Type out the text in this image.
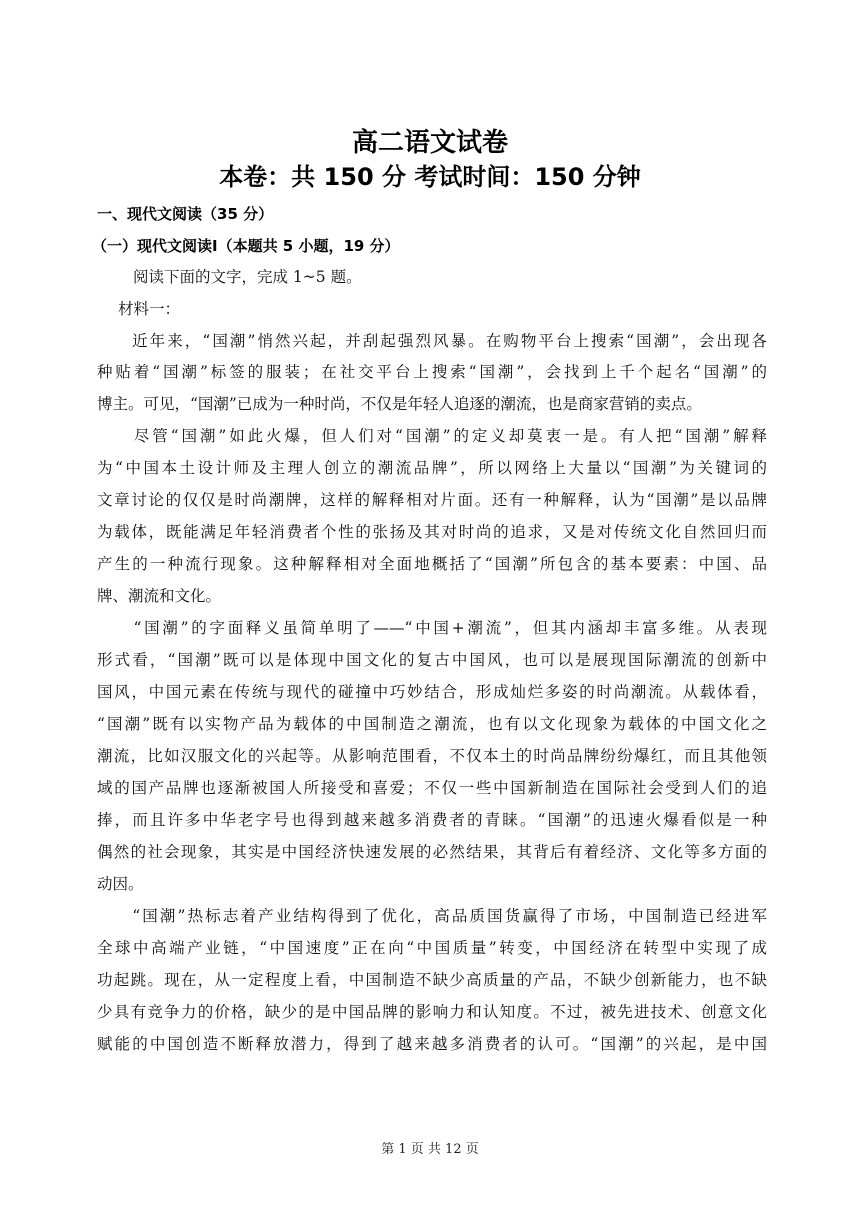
高二语文试卷
本卷：共 150 分 考试时间：150 分钟
一、现代文阅读（35 分）
（一）现代文阅读Ⅰ（本题共 5 小题，19 分）
阅读下面的文字，完成 1~5 题。
材料一：
　　近年来，“国潮”悄然兴起，并刮起强烈风暴。在购物平台上搜索“国潮”，会出现各
种贴着“国潮”标签的服装；在社交平台上搜索“国潮”，会找到上千个起名“国潮”的
博主。可见，“国潮”已成为一种时尚，不仅是年轻人追逐的潮流，也是商家营销的卖点。
　　尽管“国潮”如此火爆，但人们对“国潮”的定义却莫衷一是。有人把“国潮”解释
为“中国本土设计师及主理人创立的潮流品牌”，所以网络上大量以“国潮”为关键词的
文章讨论的仅仅是时尚潮牌，这样的解释相对片面。还有一种解释，认为“国潮”是以品牌
为载体，既能满足年轻消费者个性的张扬及其对时尚的追求，又是对传统文化自然回归而
产生的一种流行现象。这种解释相对全面地概括了“国潮”所包含的基本要素：中国、品
牌、潮流和文化。
　　“国潮”的字面释义虽简单明了——“中国+潮流”，但其内涵却丰富多维。从表现
形式看，“国潮”既可以是体现中国文化的复古中国风，也可以是展现国际潮流的创新中
国风，中国元素在传统与现代的碰撞中巧妙结合，形成灿烂多姿的时尚潮流。从载体看，
“国潮”既有以实物产品为载体的中国制造之潮流，也有以文化现象为载体的中国文化之
潮流，比如汉服文化的兴起等。从影响范围看，不仅本土的时尚品牌纷纷爆红，而且其他领
域的国产品牌也逐渐被国人所接受和喜爱；不仅一些中国新制造在国际社会受到人们的追
捧，而且许多中华老字号也得到越来越多消费者的青睐。“国潮”的迅速火爆看似是一种
偶然的社会现象，其实是中国经济快速发展的必然结果，其背后有着经济、文化等多方面的
动因。
　　“国潮”热标志着产业结构得到了优化，高品质国货赢得了市场，中国制造已经进军
全球中高端产业链，“中国速度”正在向“中国质量”转变，中国经济在转型中实现了成
功起跳。现在，从一定程度上看，中国制造不缺少高质量的产品，不缺少创新能力，也不缺
少具有竞争力的价格，缺少的是中国品牌的影响力和认知度。不过，被先进技术、创意文化
赋能的中国创造不断释放潜力，得到了越来越多消费者的认可。“国潮”的兴起，是中国
第 1 页 共 12 页
